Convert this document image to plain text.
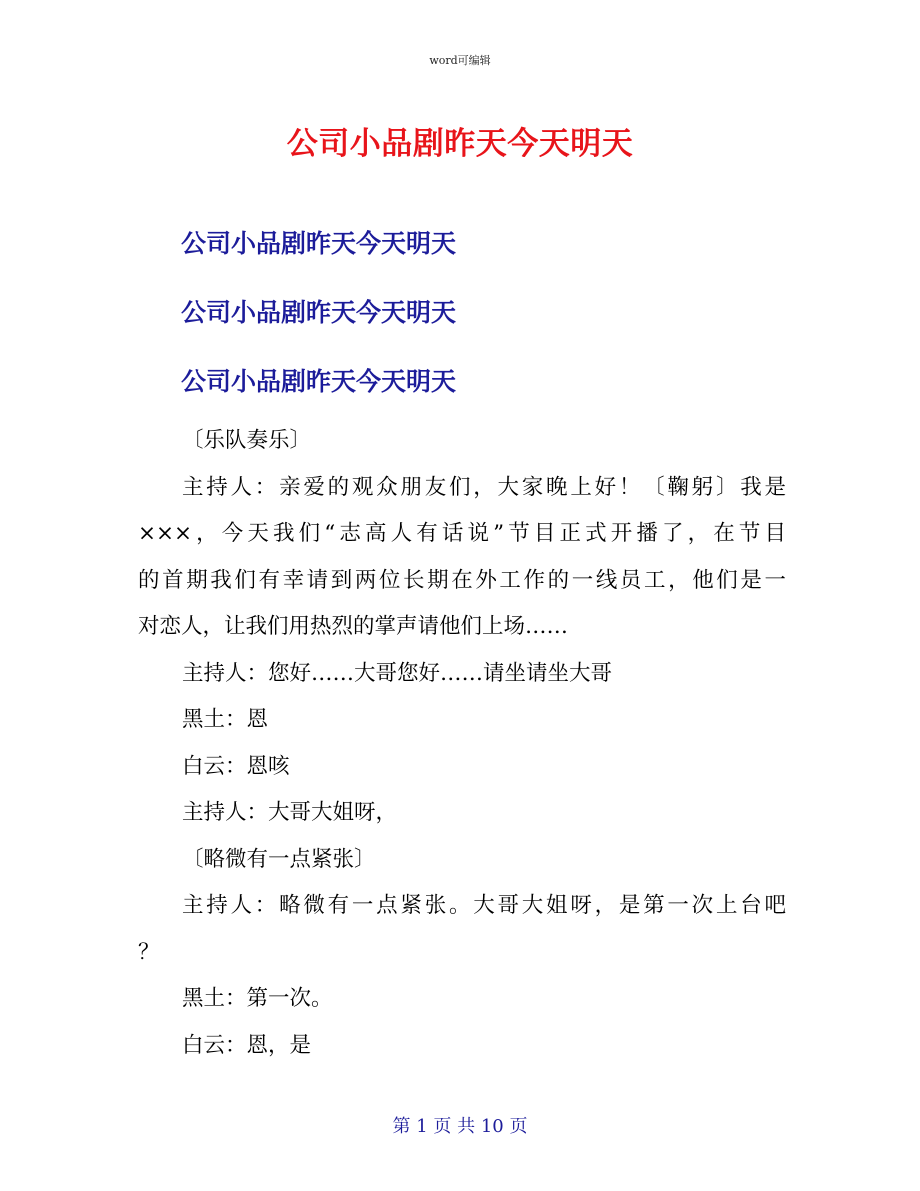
word可编辑
公司小品剧昨天今天明天
公司小品剧昨天今天明天
公司小品剧昨天今天明天
公司小品剧昨天今天明天
〔乐队奏乐〕
主持人：亲爱的观众朋友们，大家晚上好！〔鞠躬〕我是
×××，今天我们“志高人有话说”节目正式开播了，在节目
的首期我们有幸请到两位长期在外工作的一线员工，他们是一
对恋人，让我们用热烈的掌声请他们上场……
主持人：您好……大哥您好……请坐请坐大哥
黑土：恩
白云：恩咳
主持人：大哥大姐呀，
〔略微有一点紧张〕
主持人：略微有一点紧张。大哥大姐呀，是第一次上台吧
？
黑土：第一次。
白云：恩，是
第 1 页 共 10 页
